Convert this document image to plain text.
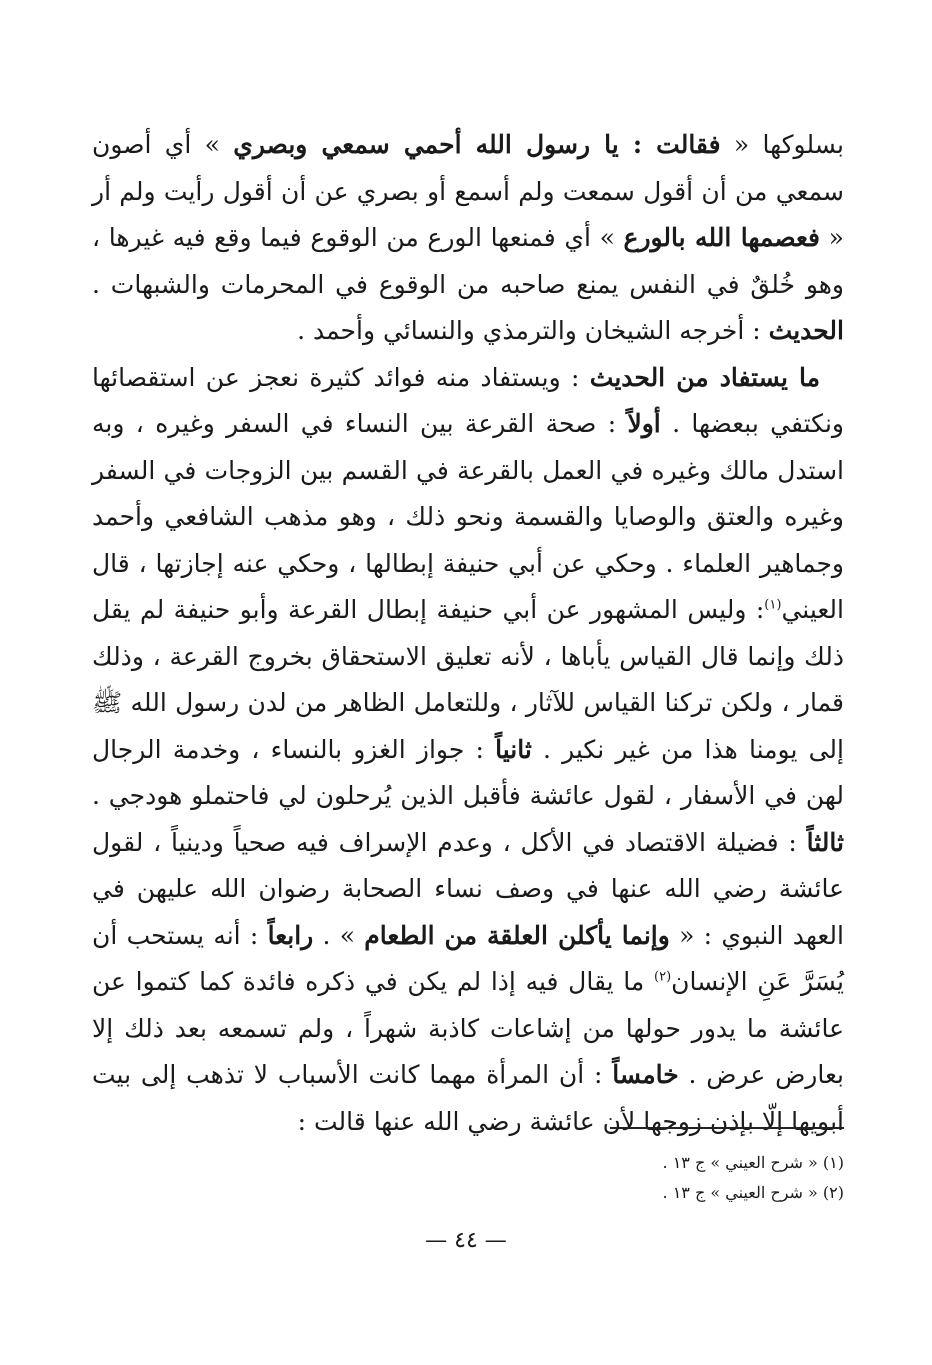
بسلوكها « فقالت : يا رسول الله أحمي سمعي وبصري » أي أصون سمعي من أن أقول سمعت ولم أسمع أو بصري عن أن أقول رأيت ولم أر « فعصمها الله بالورع » أي فمنعها الورع من الوقوع فيما وقع فيه غيرها ، وهو خُلقٌ في النفس يمنع صاحبه من الوقوع في المحرمات والشبهات . الحديث : أخرجه الشيخان والترمذي والنسائي وأحمد .

ما يستفاد من الحديث : ويستفاد منه فوائد كثيرة نعجز عن استقصائها ونكتفي ببعضها . أولاً : صحة القرعة بين النساء في السفر وغيره ، وبه استدل مالك وغيره في العمل بالقرعة في القسم بين الزوجات في السفر وغيره والعتق والوصايا والقسمة ونحو ذلك ، وهو مذهب الشافعي وأحمد وجماهير العلماء . وحكي عن أبي حنيفة إبطالها ، وحكي عنه إجازتها ، قال العيني$^{(١)}$: وليس المشهور عن أبي حنيفة إبطال القرعة وأبو حنيفة لم يقل ذلك وإنما قال القياس يأباها ، لأنه تعليق الاستحقاق بخروج القرعة ، وذلك قمار ، ولكن تركنا القياس للآثار ، وللتعامل الظاهر من لدن رسول الله ﷺ إلى يومنا هذا من غير نكير . ثانياً : جواز الغزو بالنساء ، وخدمة الرجال لهن في الأسفار ، لقول عائشة فأقبل الذين يُرحلون لي فاحتملو هودجي . ثالثاً : فضيلة الاقتصاد في الأكل ، وعدم الإسراف فيه صحياً ودينياً ، لقول عائشة رضي الله عنها في وصف نساء الصحابة رضوان الله عليهن في العهد النبوي : « وإنما يأكلن العلقة من الطعام » . رابعاً : أنه يستحب أن يُسَرَّ عَنِ الإنسان$^{(٢)}$ ما يقال فيه إذا لم يكن في ذكره فائدة كما كتموا عن عائشة ما يدور حولها من إشاعات كاذبة شهراً ، ولم تسمعه بعد ذلك إلا بعارض عرض . خامساً : أن المرأة مهما كانت الأسباب لا تذهب إلى بيت أبويها إلّا بإذن زوجها لأن عائشة رضي الله عنها قالت :

(١) « شرح العيني » ج ١٣ .

(٢) « شرح العيني » ج ١٣ .

— ٤٤ —
